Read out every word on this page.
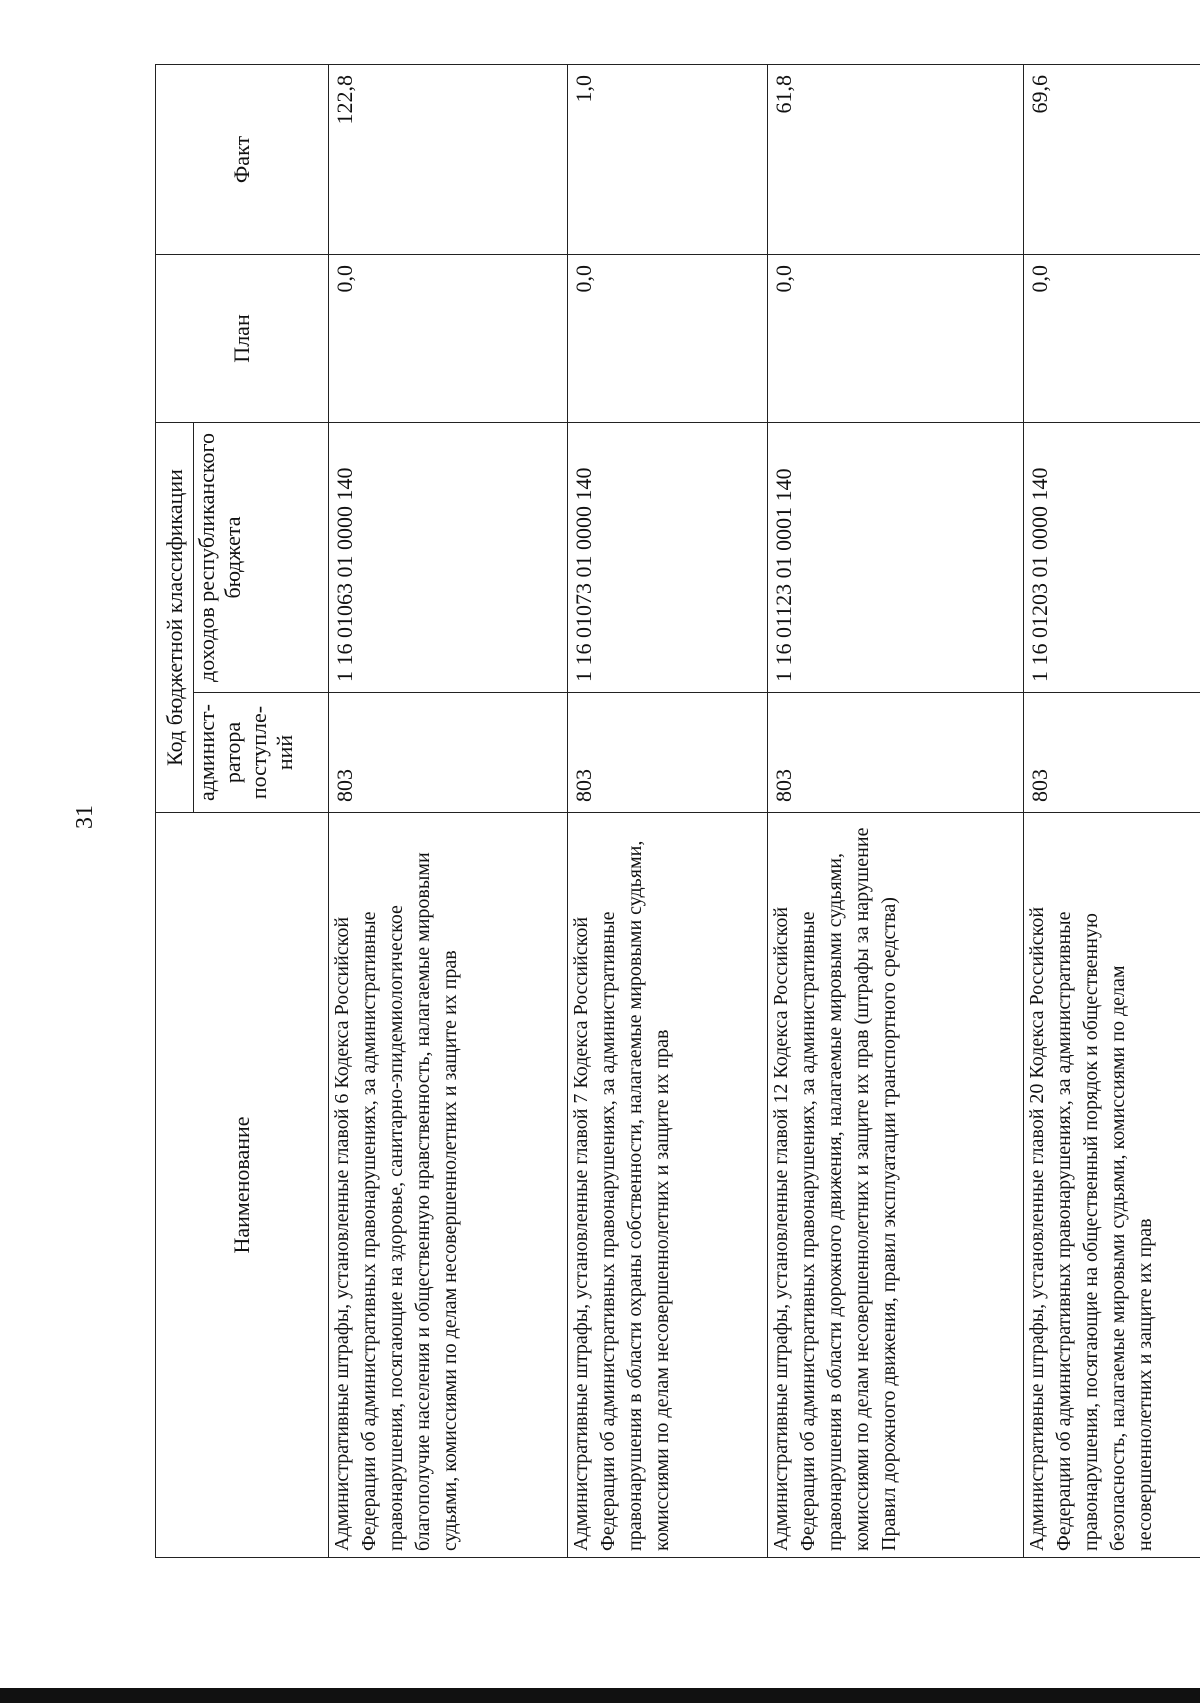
31
Наименование	Код бюджетной классификации		План	Факт
	админист-ратора поступле-ний	доходов республиканского бюджета		
Административные штрафы, установленные главой 6 Кодекса Российской Федерации об административных правонарушениях, за административные правонарушения, посягающие на здоровье, санитарно-эпидемиологическое благополучие населения и общественную нравственность, налагаемые мировыми судьями, комиссиями по делам несовершеннолетних и защите их прав	803	1 16 01063 01 0000 140	0,0	122,8
Административные штрафы, установленные главой 7 Кодекса Российской Федерации об административных правонарушениях, за административные правонарушения в области охраны собственности, налагаемые мировыми судьями, комиссиями по делам несовершеннолетних и защите их прав	803	1 16 01073 01 0000 140	0,0	1,0
Административные штрафы, установленные главой 12 Кодекса Российской Федерации об административных правонарушениях, за административные правонарушения в области дорожного движения, налагаемые мировыми судьями, комиссиями по делам несовершеннолетних и защите их прав (штрафы за нарушение Правил дорожного движения, правил эксплуатации транспортного средства)	803	1 16 01123 01 0001 140	0,0	61,8
Административные штрафы, установленные главой 20 Кодекса Российской Федерации об административных правонарушениях, за административные правонарушения, посягающие на общественный порядок и общественную безопасность, налагаемые мировыми судьями, комиссиями по делам несовершеннолетних и защите их прав	803	1 16 01203 01 0000 140	0,0	69,6
